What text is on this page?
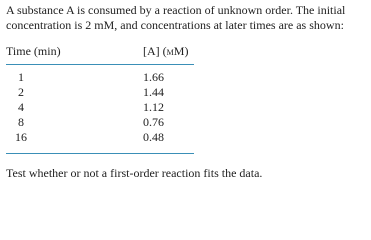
A substance A is consumed by a reaction of unknown order. The initial
concentration is 2 mM, and concentrations at later times are as shown:

Time (min)	[A] (mM)
1	1.66
2	1.44
4	1.12
8	0.76
16	0.48

Test whether or not a first-order reaction fits the data.
